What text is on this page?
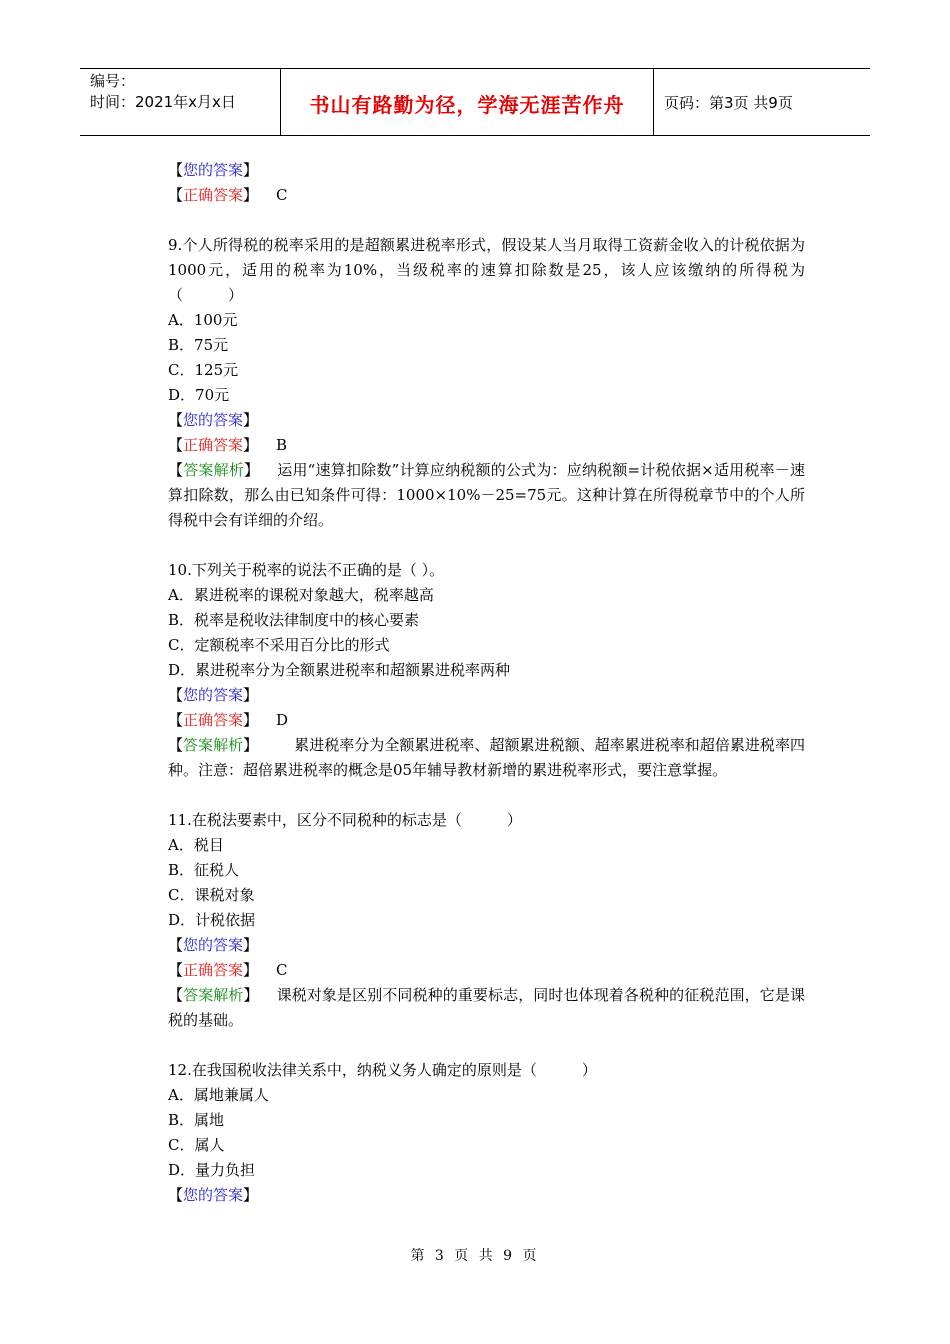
编号：
时间：2021年x月x日	书山有路勤为径，学海无涯苦作舟	页码：第3页 共9页
【您的答案】
【正确答案】 C
9.个人所得税的税率采用的是超额累进税率形式，假设某人当月取得工资薪金收入的计税依据为1000元，适用的税率为10%，当级税率的速算扣除数是25，该人应该缴纳的所得税为（　　　）
A．100元
B．75元
C．125元
D．70元
【您的答案】
【正确答案】 B
【答案解析】 运用“速算扣除数”计算应纳税额的公式为：应纳税额=计税依据×适用税率－速算扣除数，那么由已知条件可得：1000×10%－25=75元。这种计算在所得税章节中的个人所得税中会有详细的介绍。
10.下列关于税率的说法不正确的是（ ）。
A．累进税率的课税对象越大，税率越高
B．税率是税收法律制度中的核心要素
C．定额税率不采用百分比的形式
D．累进税率分为全额累进税率和超额累进税率两种
【您的答案】
【正确答案】 D
【答案解析】 累进税率分为全额累进税率、超额累进税额、超率累进税率和超倍累进税率四种。注意：超倍累进税率的概念是05年辅导教材新增的累进税率形式，要注意掌握。
11.在税法要素中，区分不同税种的标志是（　　　）
A．税目
B．征税人
C．课税对象
D．计税依据
【您的答案】
【正确答案】 C
【答案解析】 课税对象是区别不同税种的重要标志，同时也体现着各税种的征税范围，它是课税的基础。
12.在我国税收法律关系中，纳税义务人确定的原则是（　　　）
A．属地兼属人
B．属地
C．属人
D．量力负担
【您的答案】
第 3 页 共 9 页
